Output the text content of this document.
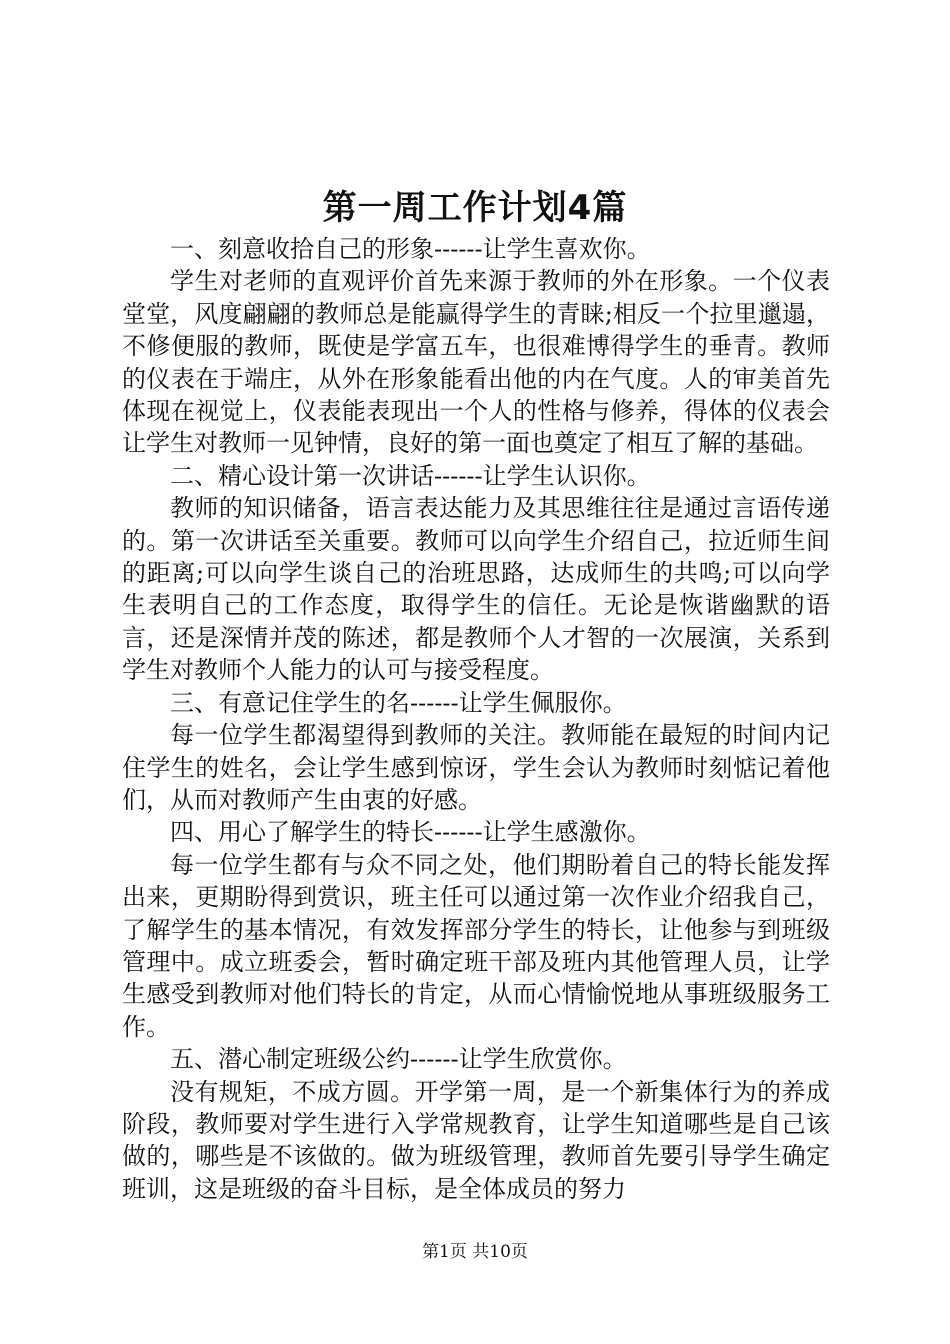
第一周工作计划4篇

一、刻意收拾自己的形象------让学生喜欢你。

学生对老师的直观评价首先来源于教师的外在形象。一个仪表堂堂，风度翩翩的教师总是能赢得学生的青睐;相反一个拉里邋遢，不修便服的教师，既使是学富五车，也很难博得学生的垂青。教师的仪表在于端庄，从外在形象能看出他的内在气度。人的审美首先体现在视觉上，仪表能表现出一个人的性格与修养，得体的仪表会让学生对教师一见钟情，良好的第一面也奠定了相互了解的基础。

二、精心设计第一次讲话------让学生认识你。

教师的知识储备，语言表达能力及其思维往往是通过言语传递的。第一次讲话至关重要。教师可以向学生介绍自己，拉近师生间的距离;可以向学生谈自己的治班思路，达成师生的共鸣;可以向学生表明自己的工作态度，取得学生的信任。无论是恢谐幽默的语言，还是深情并茂的陈述，都是教师个人才智的一次展演，关系到学生对教师个人能力的认可与接受程度。

三、有意记住学生的名------让学生佩服你。

每一位学生都渴望得到教师的关注。教师能在最短的时间内记住学生的姓名，会让学生感到惊讶，学生会认为教师时刻惦记着他们，从而对教师产生由衷的好感。

四、用心了解学生的特长------让学生感激你。

每一位学生都有与众不同之处，他们期盼着自己的特长能发挥出来，更期盼得到赏识，班主任可以通过第一次作业介绍我自己，了解学生的基本情况，有效发挥部分学生的特长，让他参与到班级管理中。成立班委会，暂时确定班干部及班内其他管理人员，让学生感受到教师对他们特长的肯定，从而心情愉悦地从事班级服务工作。

五、潜心制定班级公约------让学生欣赏你。

没有规矩，不成方圆。开学第一周，是一个新集体行为的养成阶段，教师要对学生进行入学常规教育，让学生知道哪些是自己该做的，哪些是不该做的。做为班级管理，教师首先要引导学生确定班训，这是班级的奋斗目标，是全体成员的努力

第1页 共10页
